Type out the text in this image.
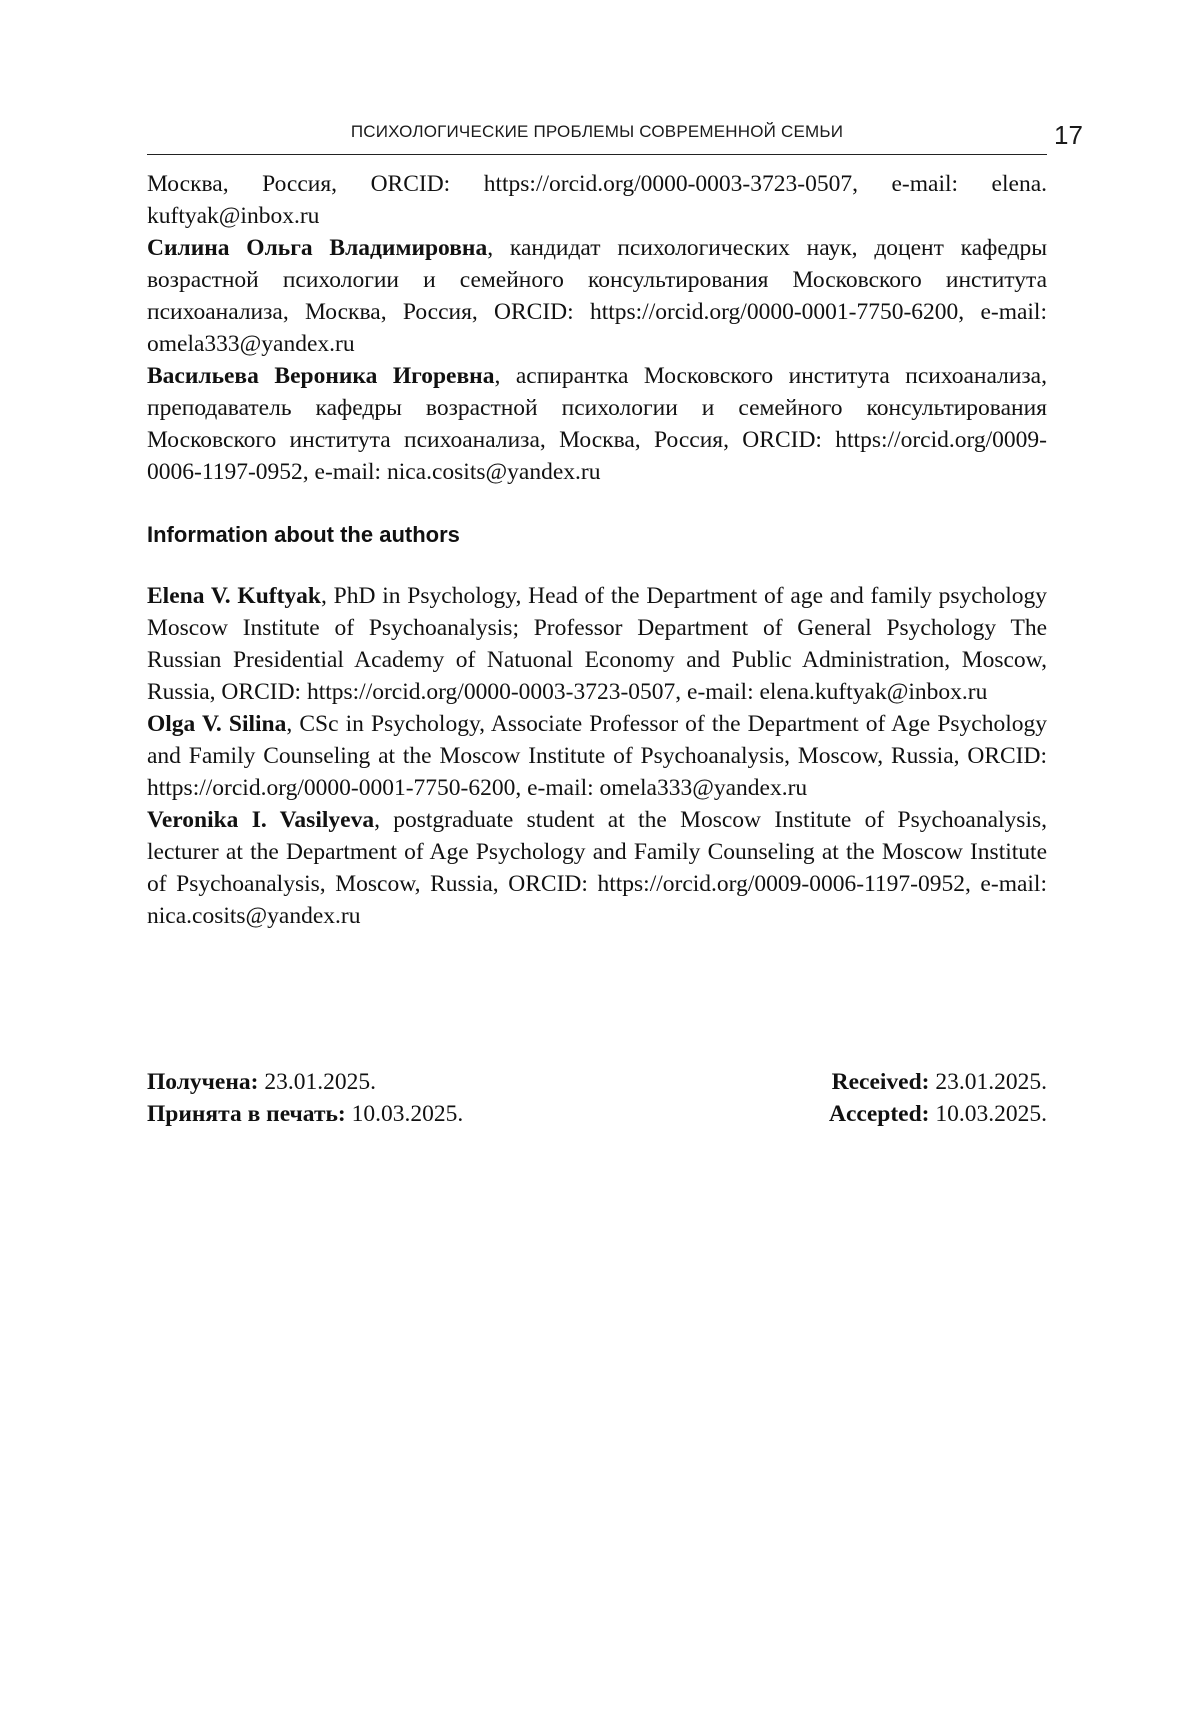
ПСИХОЛОГИЧЕСКИЕ ПРОБЛЕМЫ СОВРЕМЕННОЙ СЕМЬИ	17

Москва, Россия, ORCID: https://orcid.org/0000-0003-3723-0507, e-mail: elena. kuftyak@inbox.ru

Силина Ольга Владимировна, кандидат психологических наук, доцент кафедры возрастной психологии и семейного консультирования Московского института психоанализа, Москва, Россия, ORCID: https://orcid.org/0000-0001-7750-6200, e-mail: omela333@yandex.ru

Васильева Вероника Игоревна, аспирантка Московского института психоанализа, преподаватель кафедры возрастной психологии и семейного консультирования Московского института психоанализа, Москва, Россия, ORCID: https://orcid.org/0009-0006-1197-0952, e-mail: nica.cosits@yandex.ru

Information about the authors

Elena V. Kuftyak, PhD in Psychology, Head of the Department of age and family psychology Moscow Institute of Psychoanalysis; Professor Department of General Psychology The Russian Presidential Academy of Natuonal Economy and Public Administration, Moscow, Russia, ORCID: https://orcid.org/0000-0003-3723-0507, e-mail: elena.kuftyak@inbox.ru

Olga V. Silina, CSc in Psychology, Associate Professor of the Department of Age Psychology and Family Counseling at the Moscow Institute of Psychoanalysis, Moscow, Russia, ORCID: https://orcid.org/0000-0001-7750-6200, e-mail: omela333@yandex.ru

Veronika I. Vasilyeva, postgraduate student at the Moscow Institute of Psychoanalysis, lecturer at the Department of Age Psychology and Family Counseling at the Moscow Institute of Psychoanalysis, Moscow, Russia, ORCID: https://orcid.org/0009-0006-1197-0952, e-mail: nica.cosits@yandex.ru

Получена: 23.01.2025.
Принята в печать: 10.03.2025.
Received: 23.01.2025.
Accepted: 10.03.2025.
